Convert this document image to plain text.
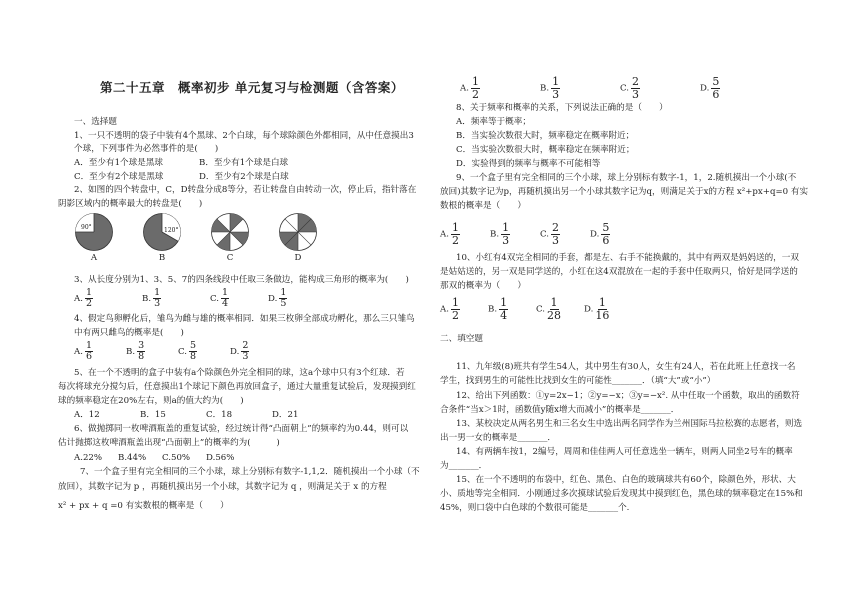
第二十五章　概率初步 单元复习与检测题（含答案）
一、选择题
1、一只不透明的袋子中装有4个黑球、2个白球，每个球除颜色外都相同，从中任意摸出3
个球，下列事件为必然事件的是(　　)
A．至少有1个球是黑球	B．至少有1个球是白球
C．至少有2个球是黑球	D．至少有2个球是白球
2、如图的四个转盘中，C，D转盘分成8等分，若让转盘自由转动一次，停止后，指针落在
阴影区域内的概率最大的转盘是(　　)
90°	120°
A	B	C	D
3、从长度分别为1、3、5、7的四条线段中任取三条做边，能构成三角形的概率为(　　)
A. $\frac{1}{2}$	B. $\frac{1}{3}$	C. $\frac{1}{4}$	D. $\frac{1}{5}$
4、假定鸟卵孵化后，雏鸟为雌与雄的概率相同．如果三枚卵全部成功孵化，那么三只雏鸟
中有两只雌鸟的概率是(　　)
A. $\frac{1}{6}$	B. $\frac{3}{8}$	C. $\frac{5}{8}$	D. $\frac{2}{3}$
5、在一个不透明的盒子中装有a个除颜色外完全相同的球，这a个球中只有3个红球．若
每次将球充分搅匀后，任意摸出1个球记下颜色再放回盒子，通过大量重复试验后，发现摸到红
球的频率稳定在20%左右，则a的值大约为(　　)
A．12	B．15	C．18	D．21
6、做抛掷同一枚啤酒瓶盖的重复试验，经过统计得“凸面朝上”的频率约为0.44，则可以
估计抛掷这枚啤酒瓶盖出现“凸面朝上”的概率约为(　　　)
A.22%	B.44%	C.50%	D.56%
7、一个盒子里有完全相同的三个小球，球上分别标有数字-1,1,2．随机摸出一个小球（不
放回），其数字记为 p ，再随机摸出另一个小球，其数字记为 q ，则满足关于 x 的方程
x² + px + q =0 有实数根的概率是（　　）
A. $\frac{1}{2}$	B. $\frac{1}{3}$	C. $\frac{2}{3}$	D. $\frac{5}{6}$
8、关于频率和概率的关系，下列说法正确的是（　　）
A．频率等于概率；
B．当实验次数很大时，频率稳定在概率附近；
C．当实验次数很大时，概率稳定在频率附近；
D．实验得到的频率与概率不可能相等
9、一个盒子里有完全相同的三个小球，球上分别标有数字-1，1，2.随机摸出一个小球(不
放回)其数字记为p，再随机摸出另一个小球其数字记为q，则满足关于x的方程 x²+px+q=0 有实
数根的概率是（　　）
A. $\frac{1}{2}$	B. $\frac{1}{3}$	C. $\frac{2}{3}$	D. $\frac{5}{6}$
10、小红有4双完全相同的手套，都是左、右手不能换戴的，其中有两双是妈妈送的，一双
是姑姑送的，另一双是同学送的，小红在这4双混放在一起的手套中任取两只，恰好是同学送的
那双的概率为（　　）
A. $\frac{1}{2}$	B. $\frac{1}{4}$	C. $\frac{1}{28}$	D. $\frac{1}{16}$
二、填空题
11、九年级(8)班共有学生54人，其中男生有30人，女生有24人，若在此班上任意找一名
学生，找到男生的可能性比找到女生的可能性_______．（填“大”或“小”）
12、给出下列函数：①y=2x−1；②y=−x；③y=−x². 从中任取一个函数，取出的函数符
合条件“当x＞1时，函数值y随x增大而减小”的概率是_______．
13、某校决定从两名男生和三名女生中选出两名同学作为兰州国际马拉松赛的志愿者，则选
出一男一女的概率是_______．
14、有两辆车按1，2编号，周周和佳佳两人可任意选坐一辆车，则两人同坐2号车的概率
为_______．
15、在一个不透明的布袋中，红色、黑色、白色的玻璃球共有60个，除颜色外，形状、大
小、质地等完全相同．小刚通过多次摸球试验后发现其中摸到红色，黑色球的频率稳定在15%和
45%，则口袋中白色球的个数很可能是_______个.
